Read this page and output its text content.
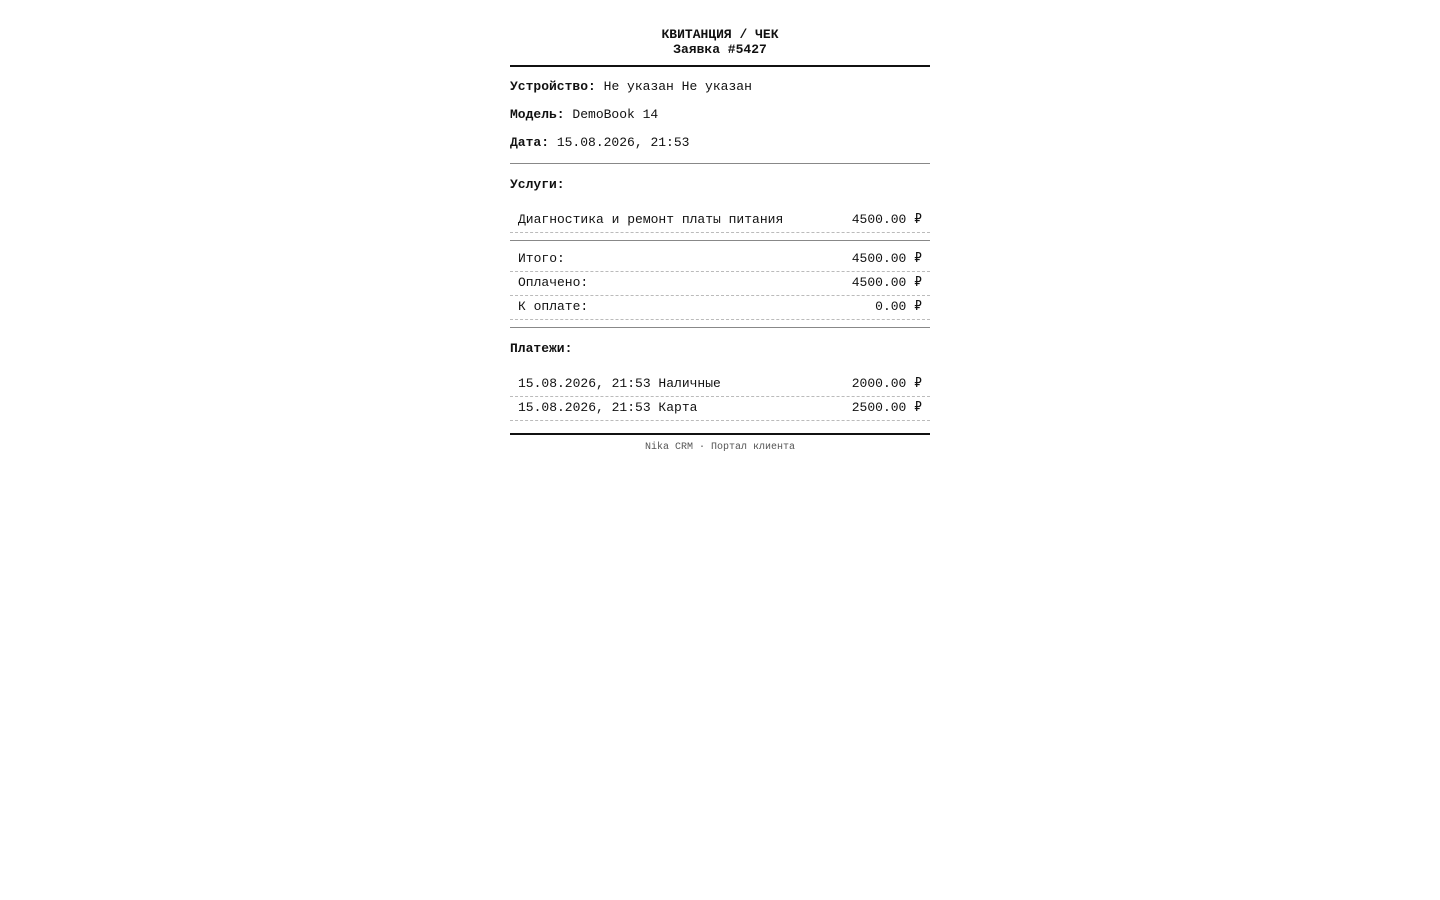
КВИТАНЦИЯ / ЧЕК
Заявка #5427
Устройство: Не указан Не указан
Модель: DemoBook 14
Дата: 15.08.2026, 21:53
Услуги:
Диагностика и ремонт платы питания	4500.00 ₽
Итого:	4500.00 ₽
Оплачено:	4500.00 ₽
К оплате:	0.00 ₽
Платежи:
15.08.2026, 21:53 Наличные	2000.00 ₽
15.08.2026, 21:53 Карта	2500.00 ₽
Nika CRM · Портал клиента
